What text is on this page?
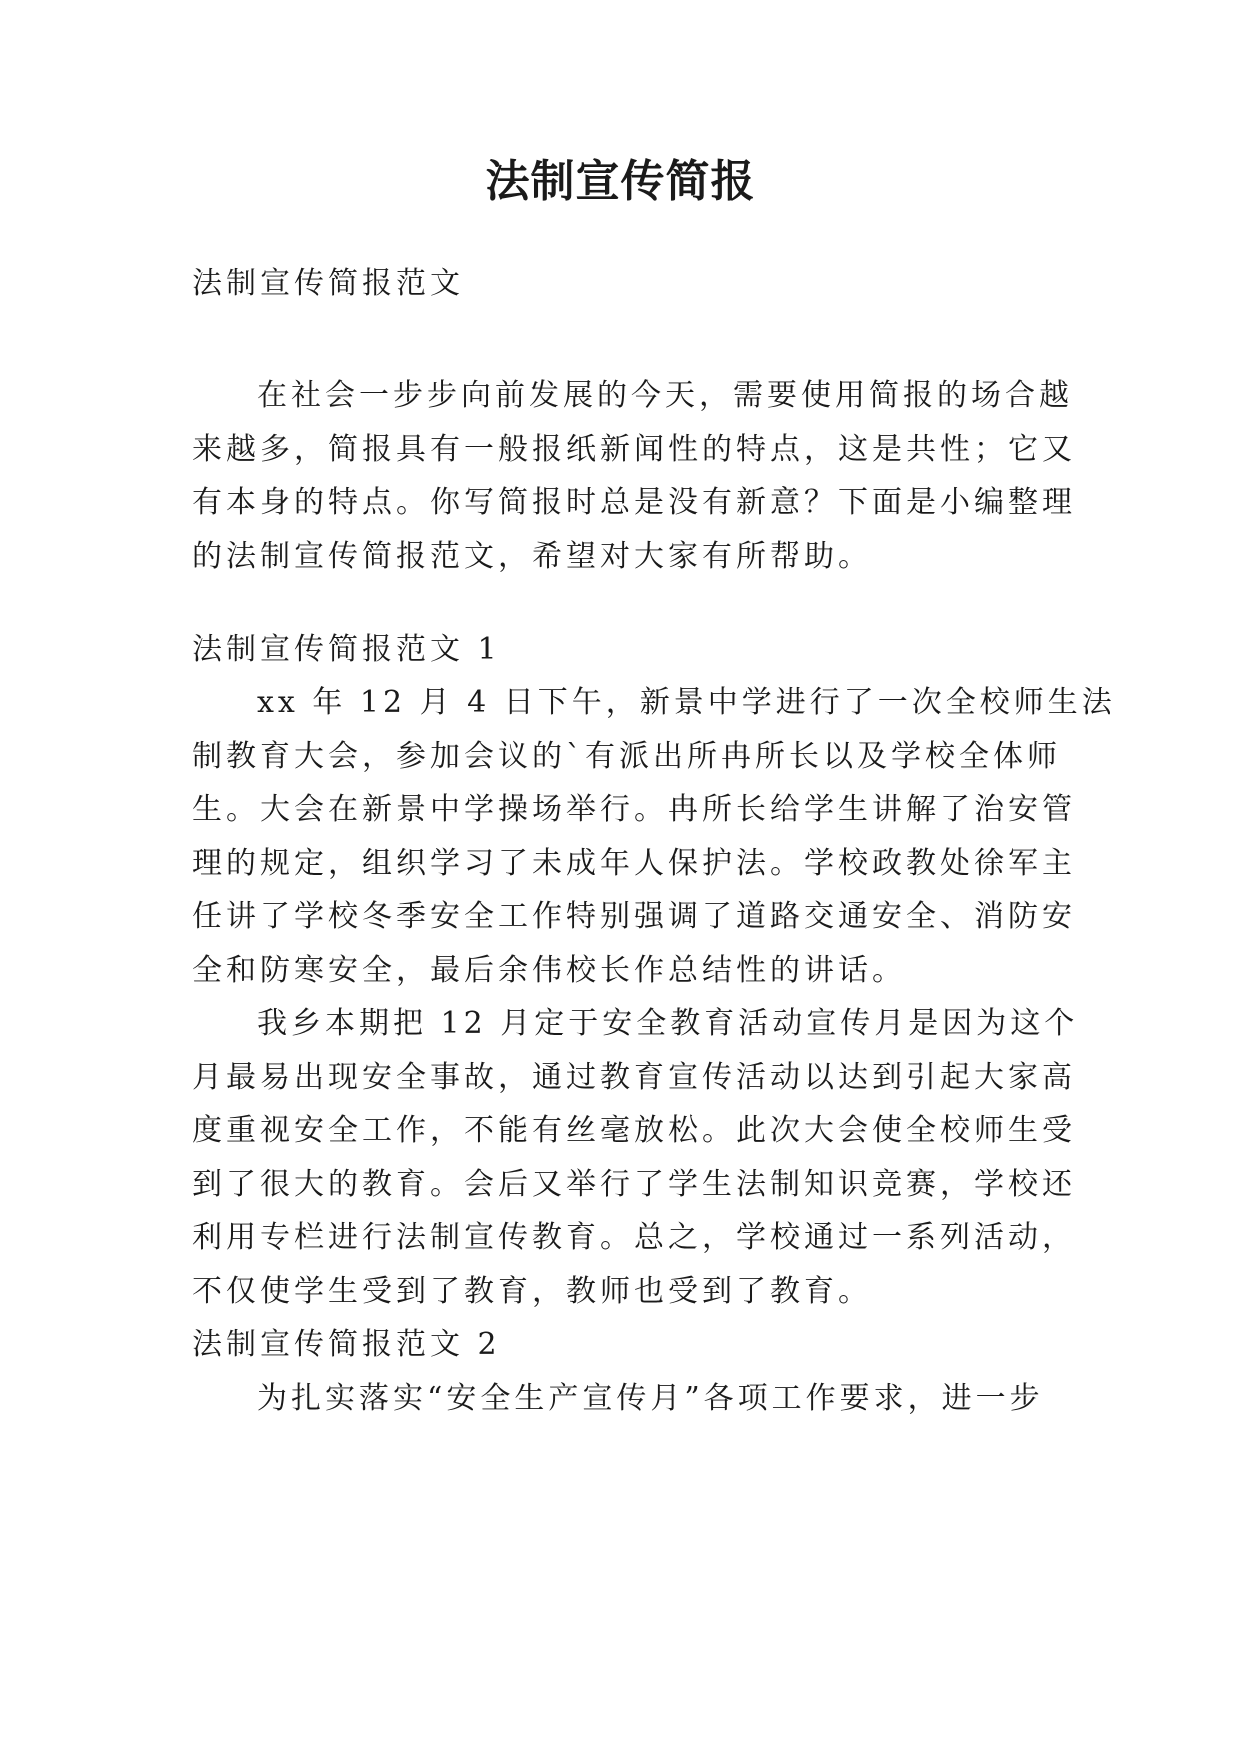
法制宣传简报
法制宣传简报范文
在社会一步步向前发展的今天，需要使用简报的场合越
来越多，简报具有一般报纸新闻性的特点，这是共性；它又
有本身的特点。你写简报时总是没有新意？下面是小编整理
的法制宣传简报范文，希望对大家有所帮助。
法制宣传简报范文 1
xx 年 12 月 4 日下午，新景中学进行了一次全校师生法
制教育大会，参加会议的`有派出所冉所长以及学校全体师
生。大会在新景中学操场举行。冉所长给学生讲解了治安管
理的规定，组织学习了未成年人保护法。学校政教处徐军主
任讲了学校冬季安全工作特别强调了道路交通安全、消防安
全和防寒安全，最后余伟校长作总结性的讲话。
我乡本期把 12 月定于安全教育活动宣传月是因为这个
月最易出现安全事故，通过教育宣传活动以达到引起大家高
度重视安全工作，不能有丝毫放松。此次大会使全校师生受
到了很大的教育。会后又举行了学生法制知识竞赛，学校还
利用专栏进行法制宣传教育。总之，学校通过一系列活动，
不仅使学生受到了教育，教师也受到了教育。
法制宣传简报范文 2
为扎实落实“安全生产宣传月”各项工作要求，进一步
